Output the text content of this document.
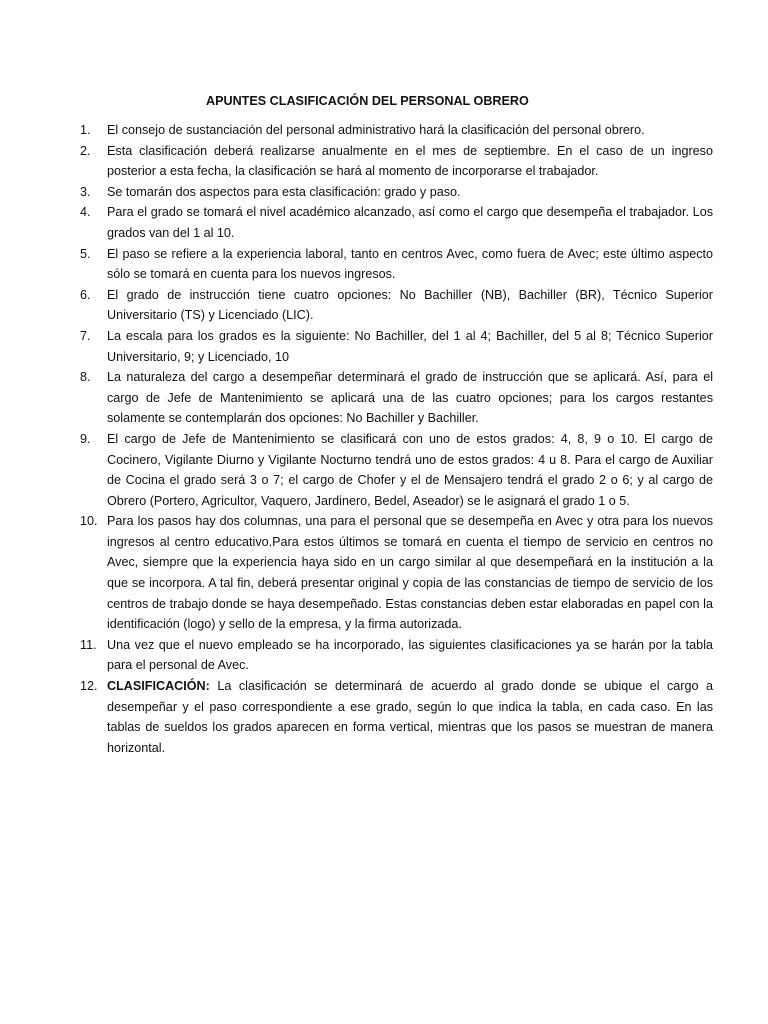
APUNTES CLASIFICACIÓN DEL PERSONAL OBRERO
1.	El consejo de sustanciación del personal administrativo hará la clasificación del personal obrero.
2.	Esta clasificación deberá realizarse anualmente en el mes de septiembre. En el caso de un ingreso posterior a esta fecha, la clasificación se hará al momento de incorporarse el trabajador.
3.	Se tomarán dos aspectos para esta clasificación: grado y paso.
4.	Para el grado se tomará el nivel académico alcanzado, así como el cargo que desempeña el trabajador. Los grados van del 1 al 10.
5.	El paso se refiere a la experiencia laboral, tanto en centros Avec, como fuera de Avec; este último aspecto sólo se tomará en cuenta para los nuevos ingresos.
6.	El grado de instrucción tiene cuatro opciones: No Bachiller (NB), Bachiller (BR), Técnico Superior Universitario (TS) y Licenciado (LIC).
7.	La escala para los grados es la siguiente: No Bachiller, del 1 al 4; Bachiller, del 5 al 8; Técnico Superior Universitario, 9; y Licenciado, 10
8.	La naturaleza del cargo a desempeñar determinará el grado de instrucción que se aplicará. Así, para el cargo de Jefe de Mantenimiento se aplicará una de las cuatro opciones; para los cargos restantes solamente se contemplarán dos opciones: No Bachiller y Bachiller.
9.	El cargo de Jefe de Mantenimiento se clasificará con uno de estos grados: 4, 8, 9 o 10. El cargo de Cocinero, Vigilante Diurno y Vigilante Nocturno tendrá uno de estos grados: 4 u 8. Para el cargo de Auxiliar de Cocina el grado será 3 o 7; el cargo de Chofer y el de Mensajero tendrá el grado 2 o 6; y al cargo de Obrero (Portero, Agricultor, Vaquero, Jardinero, Bedel, Aseador) se le asignará el grado 1 o 5.
10. Para los pasos hay dos columnas, una para el personal que se desempeña en Avec y otra para los nuevos ingresos al centro educativo.Para estos últimos se tomará en cuenta el tiempo de servicio en centros no Avec, siempre que la experiencia haya sido en un cargo similar al que desempeñará en la institución a la que se incorpora. A tal fin, deberá presentar original y copia de las constancias de tiempo de servicio de los centros de trabajo donde se haya desempeñado. Estas constancias deben estar elaboradas en papel con la identificación (logo) y sello de la empresa, y la firma autorizada.
11. Una vez que el nuevo empleado se ha incorporado, las siguientes clasificaciones ya se harán por la tabla para el personal de Avec.
12. CLASIFICACIÓN: La clasificación se determinará de acuerdo al grado donde se ubique el cargo a desempeñar y el paso correspondiente a ese grado, según lo que indica la tabla, en cada caso. En las tablas de sueldos los grados aparecen en forma vertical, mientras que los pasos se muestran de manera horizontal.
